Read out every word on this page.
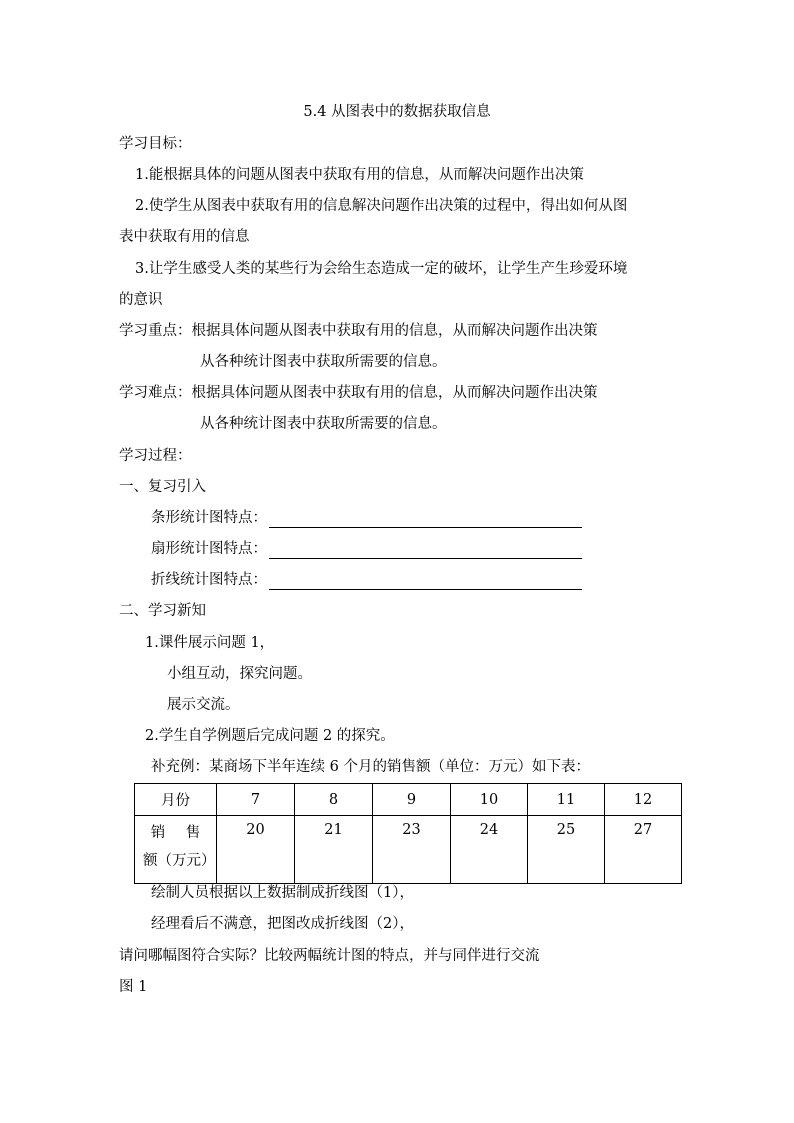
5.4 从图表中的数据获取信息
学习目标：
1.能根据具体的问题从图表中获取有用的信息，从而解决问题作出决策
2.使学生从图表中获取有用的信息解决问题作出决策的过程中，得出如何从图
表中获取有用的信息
3.让学生感受人类的某些行为会给生态造成一定的破坏，让学生产生珍爱环境
的意识
学习重点：根据具体问题从图表中获取有用的信息，从而解决问题作出决策
从各种统计图表中获取所需要的信息。
学习难点：根据具体问题从图表中获取有用的信息，从而解决问题作出决策
从各种统计图表中获取所需要的信息。
学习过程：
一、复习引入
条形统计图特点：
扇形统计图特点：
折线统计图特点：
二、学习新知
1.课件展示问题 1，
小组互动，探究问题。
展示交流。
2.学生自学例题后完成问题 2 的探究。
补充例：某商场下半年连续 6 个月的销售额（单位：万元）如下表：
月份	7	8	9	10	11	12

销 售
额（万元）	20	21	23	24	25	27
绘制人员根据以上数据制成折线图（1），
经理看后不满意，把图改成折线图（2），
请问哪幅图符合实际？比较两幅统计图的特点，并与同伴进行交流
图 1
